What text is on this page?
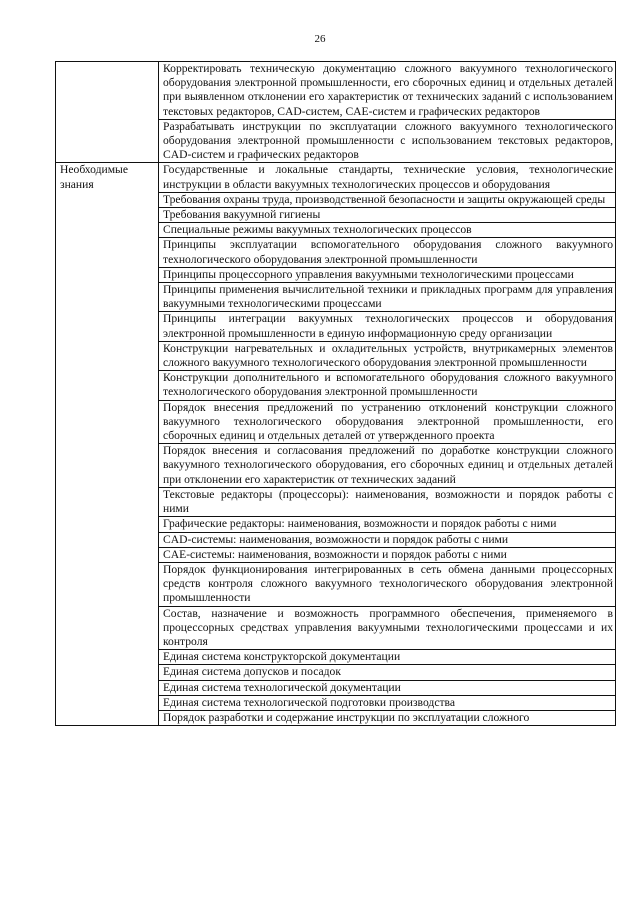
26

	Корректировать техническую документацию сложного вакуумного технологического оборудования электронной промышленности, его сборочных единиц и отдельных деталей при выявленном отклонении его характеристик от технических заданий с использованием текстовых редакторов, CAD-систем, CAE-систем и графических редакторов

	Разрабатывать инструкции по эксплуатации сложного вакуумного технологического оборудования электронной промышленности с использованием текстовых редакторов, CAD-систем и графических редакторов

Необходимые знания	Государственные и локальные стандарты, технические условия, технологические инструкции в области вакуумных технологических процессов и оборудования

	Требования охраны труда, производственной безопасности и защиты окружающей среды

	Требования вакуумной гигиены

	Специальные режимы вакуумных технологических процессов

	Принципы эксплуатации вспомогательного оборудования сложного вакуумного технологического оборудования электронной промышленности

	Принципы процессорного управления вакуумными технологическими процессами

	Принципы применения вычислительной техники и прикладных программ для управления вакуумными технологическими процессами

	Принципы интеграции вакуумных технологических процессов и оборудования электронной промышленности в единую информационную среду организации

	Конструкции нагревательных и охладительных устройств, внутрикамерных элементов сложного вакуумного технологического оборудования электронной промышленности

	Конструкции дополнительного и вспомогательного оборудования сложного вакуумного технологического оборудования электронной промышленности

	Порядок внесения предложений по устранению отклонений конструкции сложного вакуумного технологического оборудования электронной промышленности, его сборочных единиц и отдельных деталей от утвержденного проекта

	Порядок внесения и согласования предложений по доработке конструкции сложного вакуумного технологического оборудования, его сборочных единиц и отдельных деталей при отклонении его характеристик от технических заданий

	Текстовые редакторы (процессоры): наименования, возможности и порядок работы с ними

	Графические редакторы: наименования, возможности и порядок работы с ними

	CAD-системы: наименования, возможности и порядок работы с ними

	CAE-системы: наименования, возможности и порядок работы с ними

	Порядок функционирования интегрированных в сеть обмена данными процессорных средств контроля сложного вакуумного технологического оборудования электронной промышленности

	Состав, назначение и возможность программного обеспечения, применяемого в процессорных средствах управления вакуумными технологическими процессами и их контроля

	Единая система конструкторской документации

	Единая система допусков и посадок

	Единая система технологической документации

	Единая система технологической подготовки производства

	Порядок разработки и содержание инструкции по эксплуатации сложного
